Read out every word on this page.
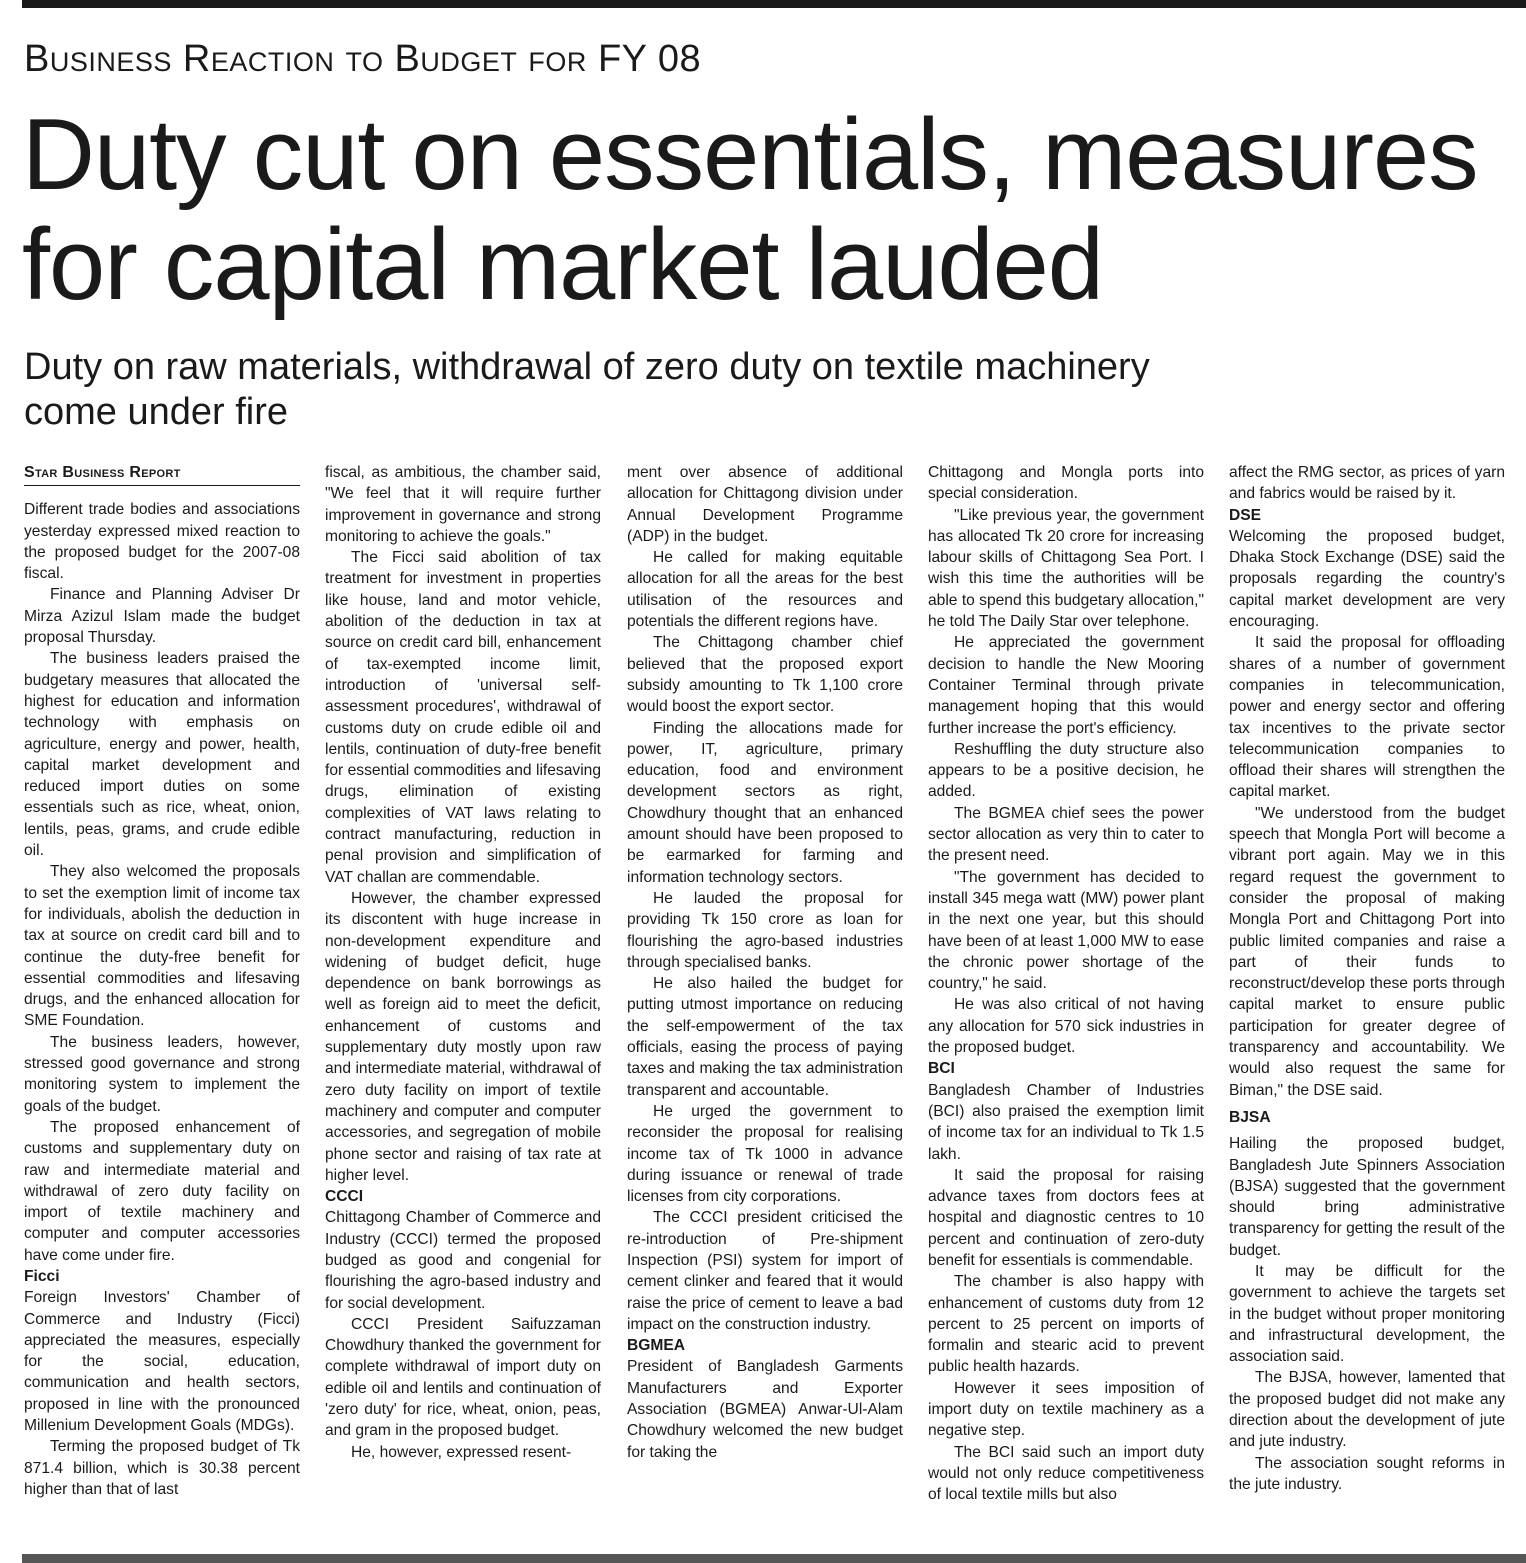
Business Reaction to Budget for FY 08
Duty cut on essentials, measures for capital market lauded
Duty on raw materials, withdrawal of zero duty on textile machinery come under fire
Star Business Report

Different trade bodies and associations yesterday expressed mixed reaction to the proposed budget for the 2007-08 fiscal.

Finance and Planning Adviser Dr Mirza Azizul Islam made the budget proposal Thursday.

The business leaders praised the budgetary measures that allocated the highest for education and information technology with emphasis on agriculture, energy and power, health, capital market development and reduced import duties on some essentials such as rice, wheat, onion, lentils, peas, grams, and crude edible oil.

They also welcomed the proposals to set the exemption limit of income tax for individuals, abolish the deduction in tax at source on credit card bill and to continue the duty-free benefit for essential commodities and lifesaving drugs, and the enhanced allocation for SME Foundation.

The business leaders, however, stressed good governance and strong monitoring system to implement the goals of the budget.

The proposed enhancement of customs and supplementary duty on raw and intermediate material and withdrawal of zero duty facility on import of textile machinery and computer and computer accessories have come under fire.

Ficci

Foreign Investors' Chamber of Commerce and Industry (Ficci) appreciated the measures, especially for the social, education, communication and health sectors, proposed in line with the pronounced Millenium Development Goals (MDGs).

Terming the proposed budget of Tk 871.4 billion, which is 30.38 percent higher than that of last

fiscal, as ambitious, the chamber said, "We feel that it will require further improvement in governance and strong monitoring to achieve the goals."

The Ficci said abolition of tax treatment for investment in properties like house, land and motor vehicle, abolition of the deduction in tax at source on credit card bill, enhancement of tax-exempted income limit, introduction of 'universal self-assessment procedures', withdrawal of customs duty on crude edible oil and lentils, continuation of duty-free benefit for essential commodities and lifesaving drugs, elimination of existing complexities of VAT laws relating to contract manufacturing, reduction in penal provision and simplification of VAT challan are commendable.

However, the chamber expressed its discontent with huge increase in non-development expenditure and widening of budget deficit, huge dependence on bank borrowings as well as foreign aid to meet the deficit, enhancement of customs and supplementary duty mostly upon raw and intermediate material, withdrawal of zero duty facility on import of textile machinery and computer and computer accessories, and segregation of mobile phone sector and raising of tax rate at higher level.

CCCI

Chittagong Chamber of Commerce and Industry (CCCI) termed the proposed budged as good and congenial for flourishing the agro-based industry and for social development.

CCCI President Saifuzzaman Chowdhury thanked the government for complete withdrawal of import duty on edible oil and lentils and continuation of 'zero duty' for rice, wheat, onion, peas, and gram in the proposed budget.

He, however, expressed resent-

ment over absence of additional allocation for Chittagong division under Annual Development Programme (ADP) in the budget.

He called for making equitable allocation for all the areas for the best utilisation of the resources and potentials the different regions have.

The Chittagong chamber chief believed that the proposed export subsidy amounting to Tk 1,100 crore would boost the export sector.

Finding the allocations made for power, IT, agriculture, primary education, food and environment development sectors as right, Chowdhury thought that an enhanced amount should have been proposed to be earmarked for farming and information technology sectors.

He lauded the proposal for providing Tk 150 crore as loan for flourishing the agro-based industries through specialised banks.

He also hailed the budget for putting utmost importance on reducing the self-empowerment of the tax officials, easing the process of paying taxes and making the tax administration transparent and accountable.

He urged the government to reconsider the proposal for realising income tax of Tk 1000 in advance during issuance or renewal of trade licenses from city corporations.

The CCCI president criticised the re-introduction of Pre-shipment Inspection (PSI) system for import of cement clinker and feared that it would raise the price of cement to leave a bad impact on the construction industry.

BGMEA

President of Bangladesh Garments Manufacturers and Exporter Association (BGMEA) Anwar-Ul-Alam Chowdhury welcomed the new budget for taking the

Chittagong and Mongla ports into special consideration.

"Like previous year, the government has allocated Tk 20 crore for increasing labour skills of Chittagong Sea Port. I wish this time the authorities will be able to spend this budgetary allocation," he told The Daily Star over telephone.

He appreciated the government decision to handle the New Mooring Container Terminal through private management hoping that this would further increase the port's efficiency.

Reshuffling the duty structure also appears to be a positive decision, he added.

The BGMEA chief sees the power sector allocation as very thin to cater to the present need.

"The government has decided to install 345 mega watt (MW) power plant in the next one year, but this should have been of at least 1,000 MW to ease the chronic power shortage of the country," he said.

He was also critical of not having any allocation for 570 sick industries in the proposed budget.

BCI

Bangladesh Chamber of Industries (BCI) also praised the exemption limit of income tax for an individual to Tk 1.5 lakh.

It said the proposal for raising advance taxes from doctors fees at hospital and diagnostic centres to 10 percent and continuation of zero-duty benefit for essentials is commendable.

The chamber is also happy with enhancement of customs duty from 12 percent to 25 percent on imports of formalin and stearic acid to prevent public health hazards.

However it sees imposition of import duty on textile machinery as a negative step.

The BCI said such an import duty would not only reduce competitiveness of local textile mills but also

affect the RMG sector, as prices of yarn and fabrics would be raised by it.

DSE

Welcoming the proposed budget, Dhaka Stock Exchange (DSE) said the proposals regarding the country's capital market development are very encouraging.

It said the proposal for offloading shares of a number of government companies in telecommunication, power and energy sector and offering tax incentives to the private sector telecommunication companies to offload their shares will strengthen the capital market.

"We understood from the budget speech that Mongla Port will become a vibrant port again. May we in this regard request the government to consider the proposal of making Mongla Port and Chittagong Port into public limited companies and raise a part of their funds to reconstruct/develop these ports through capital market to ensure public participation for greater degree of transparency and accountability. We would also request the same for Biman," the DSE said.

BJSA

Hailing the proposed budget, Bangladesh Jute Spinners Association (BJSA) suggested that the government should bring administrative transparency for getting the result of the budget.

It may be difficult for the government to achieve the targets set in the budget without proper monitoring and infrastructural development, the association said.

The BJSA, however, lamented that the proposed budget did not make any direction about the development of jute and jute industry.

The association sought reforms in the jute industry.
